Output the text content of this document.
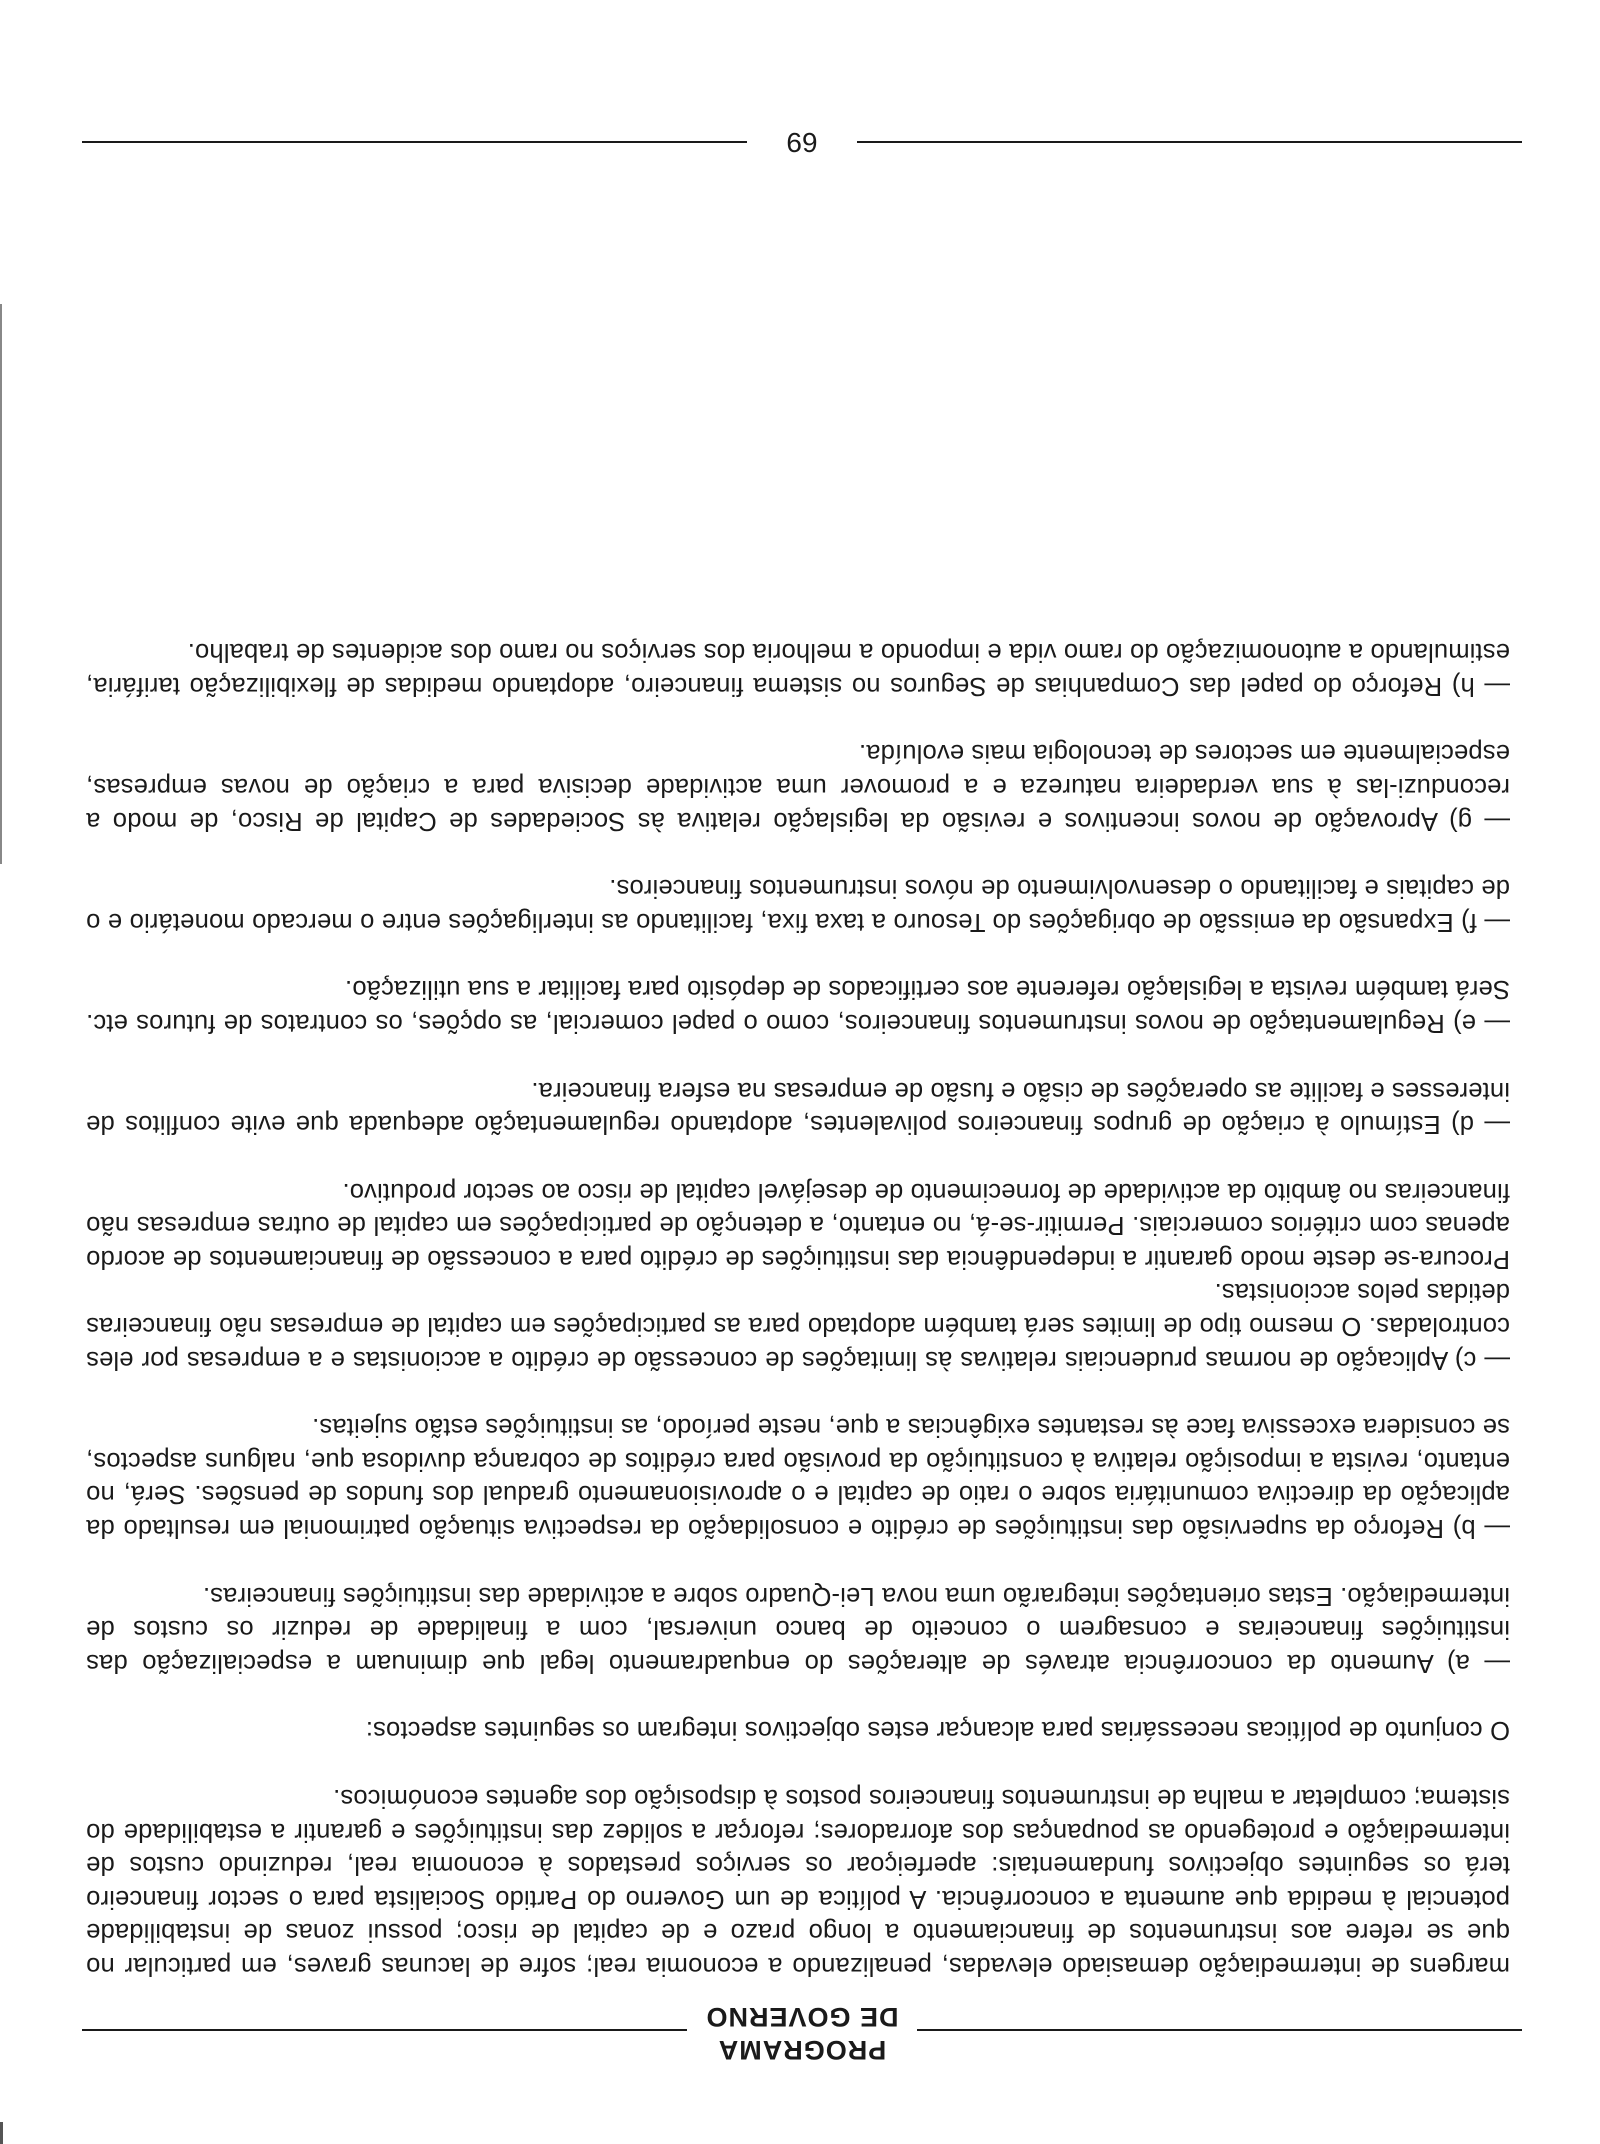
PROGRAMA
DE GOVERNO

margens de intermediação demasiado elevadas, penalizando a economia real; sofre de lacunas graves, em particular no que se refere aos instrumentos de financiamento a longo prazo e de capital de risco; possui zonas de instabilidade potencial à medida que aumenta a concorrência. A política de um Governo do Partido Socialista para o sector financeiro terá os seguintes objectivos fundamentais: aperfeiçoar os serviços prestados à economia real, reduzindo custos de intermediação e protegendo as poupanças dos aforradores; reforçar a solidez das instituições e garantir a estabilidade do sistema; completar a malha de instrumentos financeiros postos à disposição dos agentes económicos.

O conjunto de políticas necessárias para alcançar estes objectivos integram os seguintes aspectos:

— a) Aumento da concorrência através de alterações do enquadramento legal que diminuam a especialização das instituições financeiras e consagrem o conceito de banco universal, com a finalidade de reduzir os custos de intermediação. Estas orientações integrarão uma nova Lei-Quadro sobre a actividade das instituições financeiras.

— b) Reforço da supervisão das instituições de crédito e consolidação da respectiva situação patrimonial em resultado da aplicação da directiva comunitária sobre o ratio de capital e o aprovisionamento gradual dos fundos de pensões. Será, no entanto, revista a imposição relativa à constituição da provisão para créditos de cobrança duvidosa que, nalguns aspectos, se considera excessiva face às restantes exigências a que, neste período, as instituições estão sujeitas.

— c) Aplicação de normas prudenciais relativas às limitações de concessão de crédito a accionistas e a empresas por eles controladas. O mesmo tipo de limites será também adoptado para as participações em capital de empresas não financeiras detidas pelos accionistas.

Procura-se deste modo garantir a independência das instituições de crédito para a concessão de financiamentos de acordo apenas com critérios comerciais. Permitir-se-á, no entanto, a detenção de participações em capital de outras empresas não financeiras no âmbito da actividade de fornecimento de desejável capital de risco ao sector produtivo.

— d) Estímulo à criação de grupos financeiros polivalentes, adoptando regulamentação adequada que evite conflitos de interesses e facilite as operações de cisão e fusão de empresas na esfera financeira.

— e) Regulamentação de novos instrumentos financeiros, como o papel comercial, as opções, os contratos de futuros etc. Será também revista a legislação referente aos certificados de depósito para facilitar a sua utilização.

— f) Expansão da emissão de obrigações do Tesouro a taxa fixa, facilitando as interligações entre o mercado monetário e o de capitais e facilitando o desenvolvimento de nóvos instrumentos financeiros.

— g) Aprovação de novos incentivos e revisão da legislação relativa às Sociedades de Capital de Risco, de modo a reconduzi-las à sua verdadeira natureza e a promover uma actividade decisiva para a criação de novas empresas, especialmente em sectores de tecnologia mais evoluída.

— h) Reforço do papel das Companhias de Seguros no sistema financeiro, adoptando medidas de flexibilização tarifária, estimulando a autonomização do ramo vida e impondo a melhoria dos serviços no ramo dos acidentes de trabalho.

69
